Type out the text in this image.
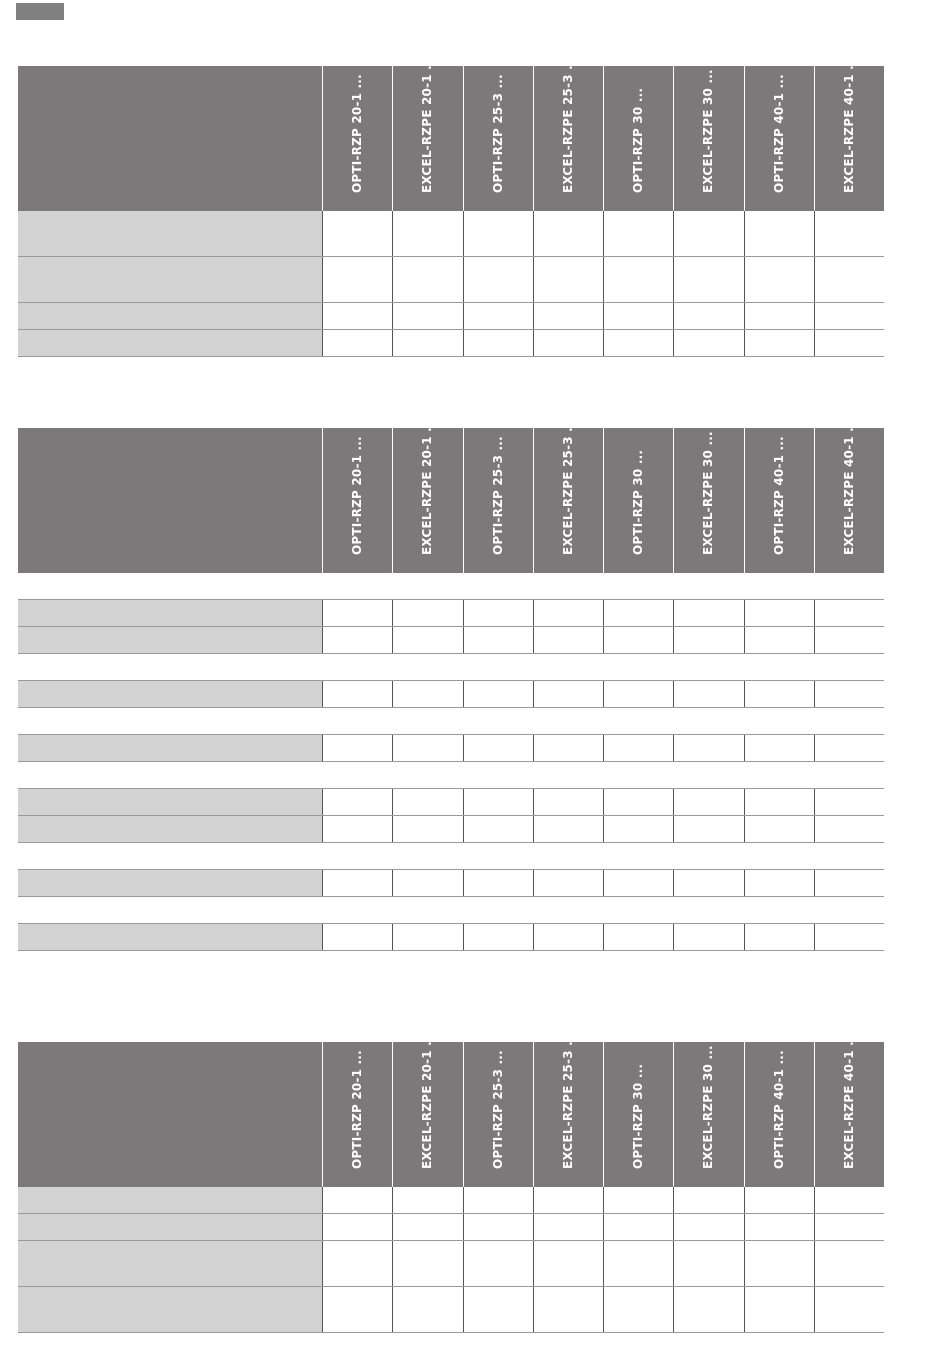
OPTI-RZP 20-1 ...	EXCEL-RZPE 20-1 ...	OPTI-RZP 25-3 ...	EXCEL-RZPE 25-3 ...	OPTI-RZP 30 ...	EXCEL-RZPE 30 ...	OPTI-RZP 40-1 ...	EXCEL-RZPE 40-1 ...
OPTI-RZP 20-1 ...	EXCEL-RZPE 20-1 ...	OPTI-RZP 25-3 ...	EXCEL-RZPE 25-3 ...	OPTI-RZP 30 ...	EXCEL-RZPE 30 ...	OPTI-RZP 40-1 ...	EXCEL-RZPE 40-1 ...
OPTI-RZP 20-1 ...	EXCEL-RZPE 20-1 ...	OPTI-RZP 25-3 ...	EXCEL-RZPE 25-3 ...	OPTI-RZP 30 ...	EXCEL-RZPE 30 ...	OPTI-RZP 40-1 ...	EXCEL-RZPE 40-1 ...
